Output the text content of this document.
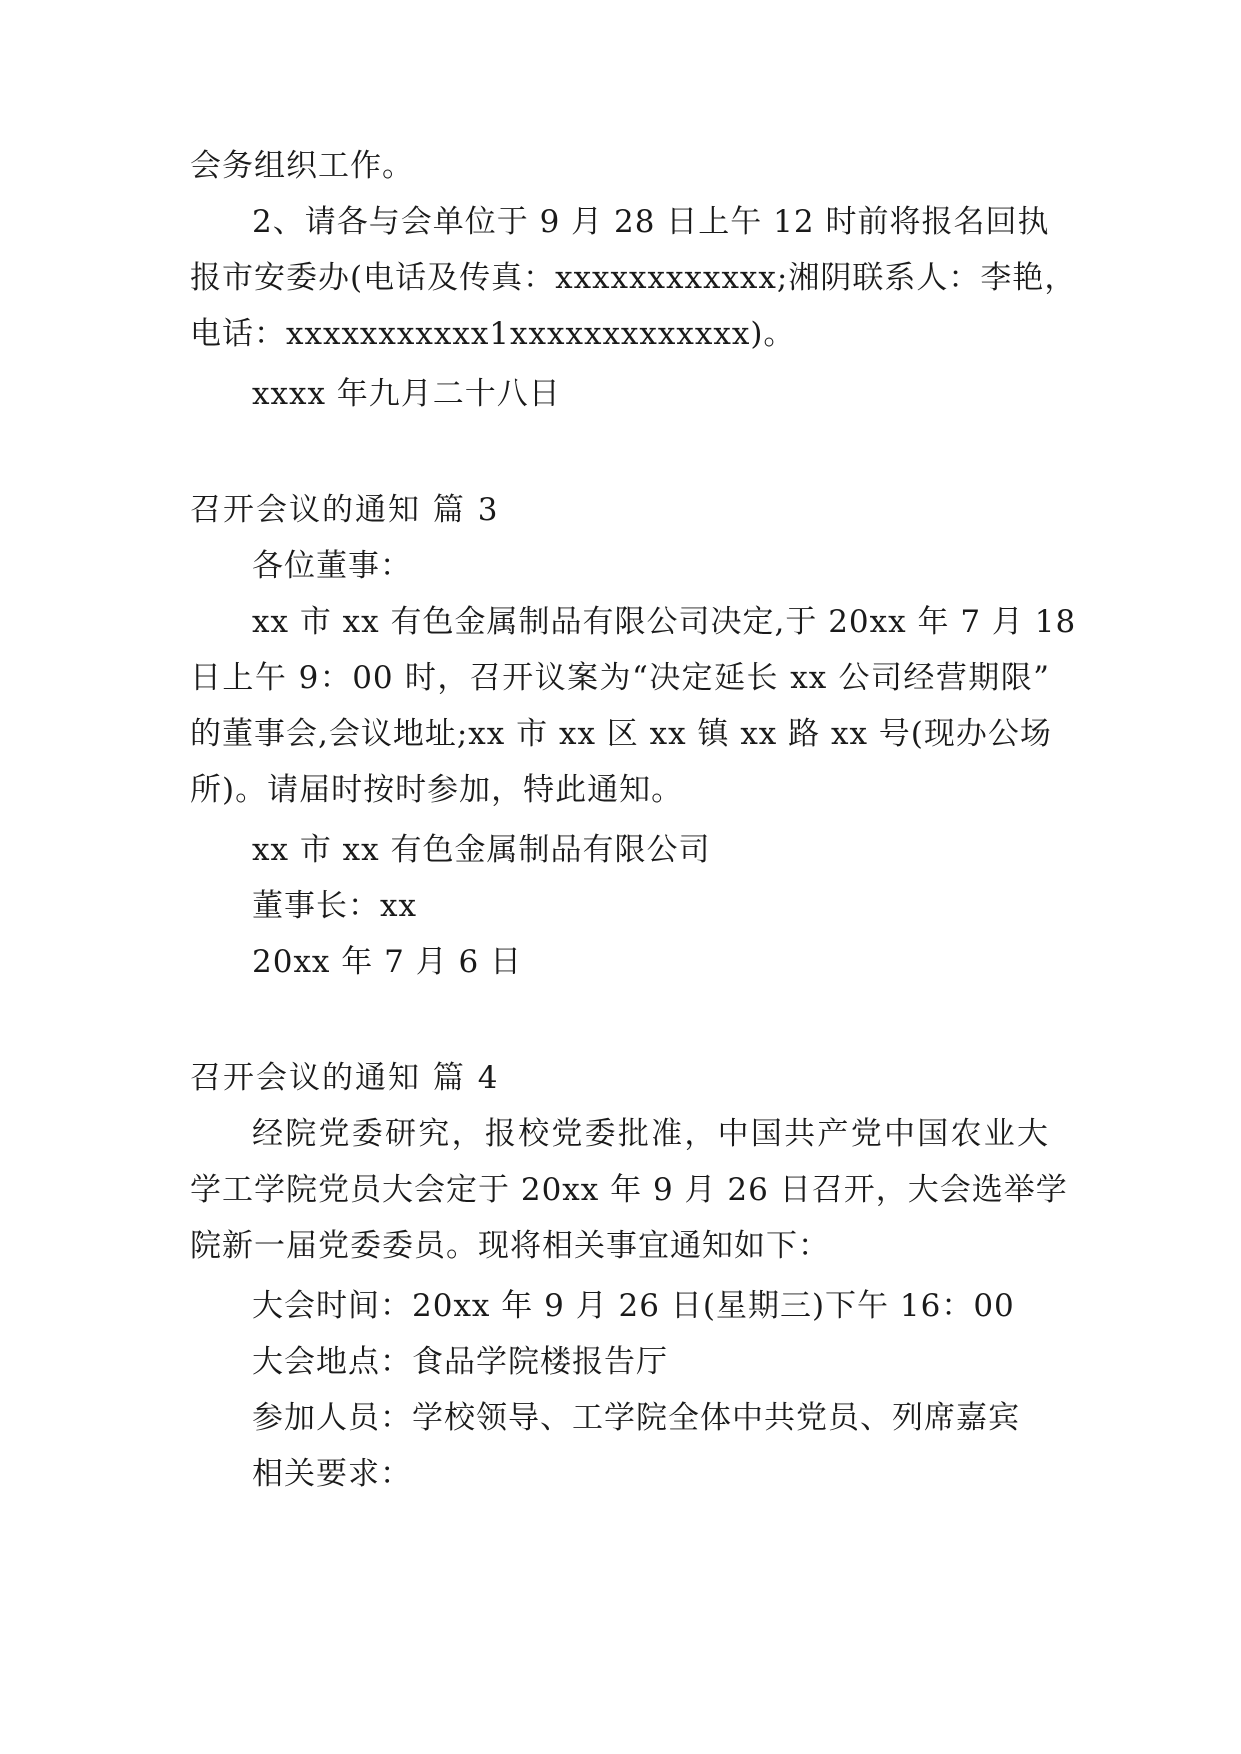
会务组织工作。
2、请各与会单位于 9 月 28 日上午 12 时前将报名回执
报市安委办(电话及传真：xxxxxxxxxxxx;湘阴联系人：李艳，
电话：xxxxxxxxxxx1xxxxxxxxxxxxx)。
xxxx 年九月二十八日
召开会议的通知 篇 3
各位董事：
xx 市 xx 有色金属制品有限公司决定,于 20xx 年 7 月 18
日上午 9：00 时，召开议案为“决定延长 xx 公司经营期限”
的董事会,会议地址;xx 市 xx 区 xx 镇 xx 路 xx 号(现办公场
所)。请届时按时参加，特此通知。
xx 市 xx 有色金属制品有限公司
董事长：xx
20xx 年 7 月 6 日
召开会议的通知 篇 4
经院党委研究，报校党委批准，中国共产党中国农业大
学工学院党员大会定于 20xx 年 9 月 26 日召开，大会选举学
院新一届党委委员。现将相关事宜通知如下：
大会时间：20xx 年 9 月 26 日(星期三)下午 16：00
大会地点：食品学院楼报告厅
参加人员：学校领导、工学院全体中共党员、列席嘉宾
相关要求：
